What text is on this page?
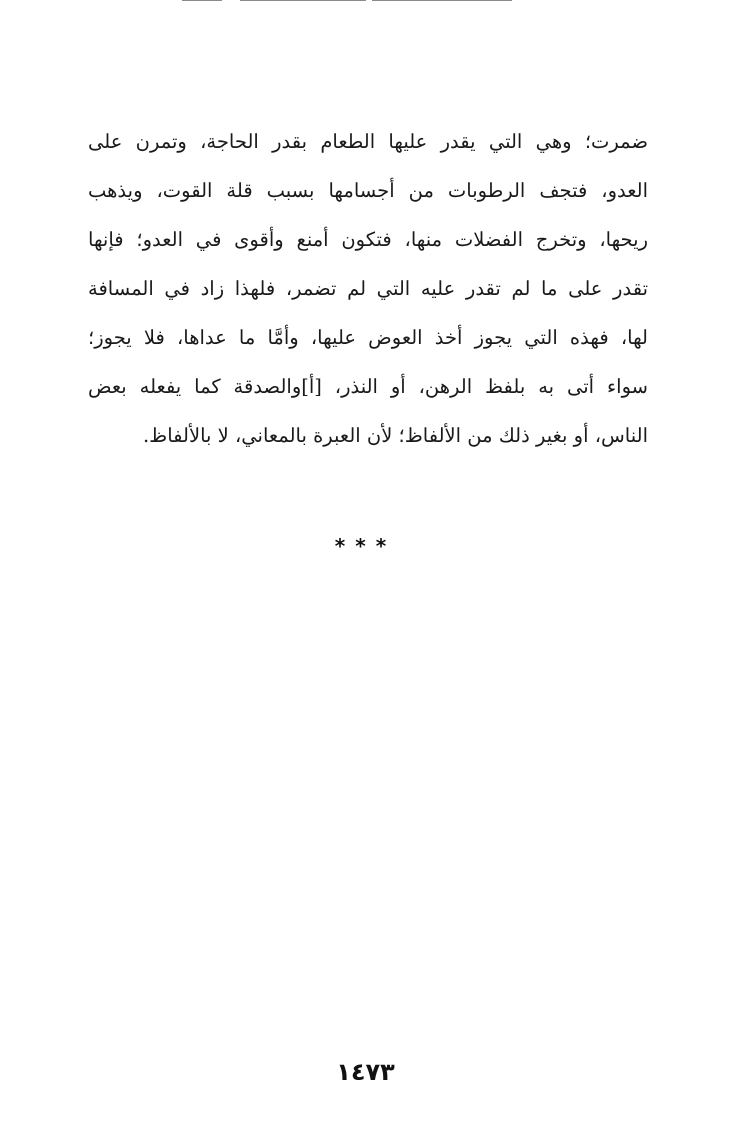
ضمرت؛ وهي التي يقدر عليها الطعام بقدر الحاجة، وتمرن على
العدو، فتجف الرطوبات من أجسامها بسبب قلة القوت، ويذهب
ريحها، وتخرج الفضلات منها، فتكون أمنع وأقوى في العدو؛ فإنها
تقدر على ما لم تقدر عليه التي لم تضمر، فلهذا زاد في المسافة
لها، فهذه التي يجوز أخذ العوض عليها، وأمَّا ما عداها، فلا يجوز؛
سواء أتى به بلفظ الرهن، أو النذر، [أ]والصدقة كما يفعله بعض
الناس، أو بغير ذلك من الألفاظ؛ لأن العبرة بالمعاني، لا بالألفاظ.
***
١٤٧٣
